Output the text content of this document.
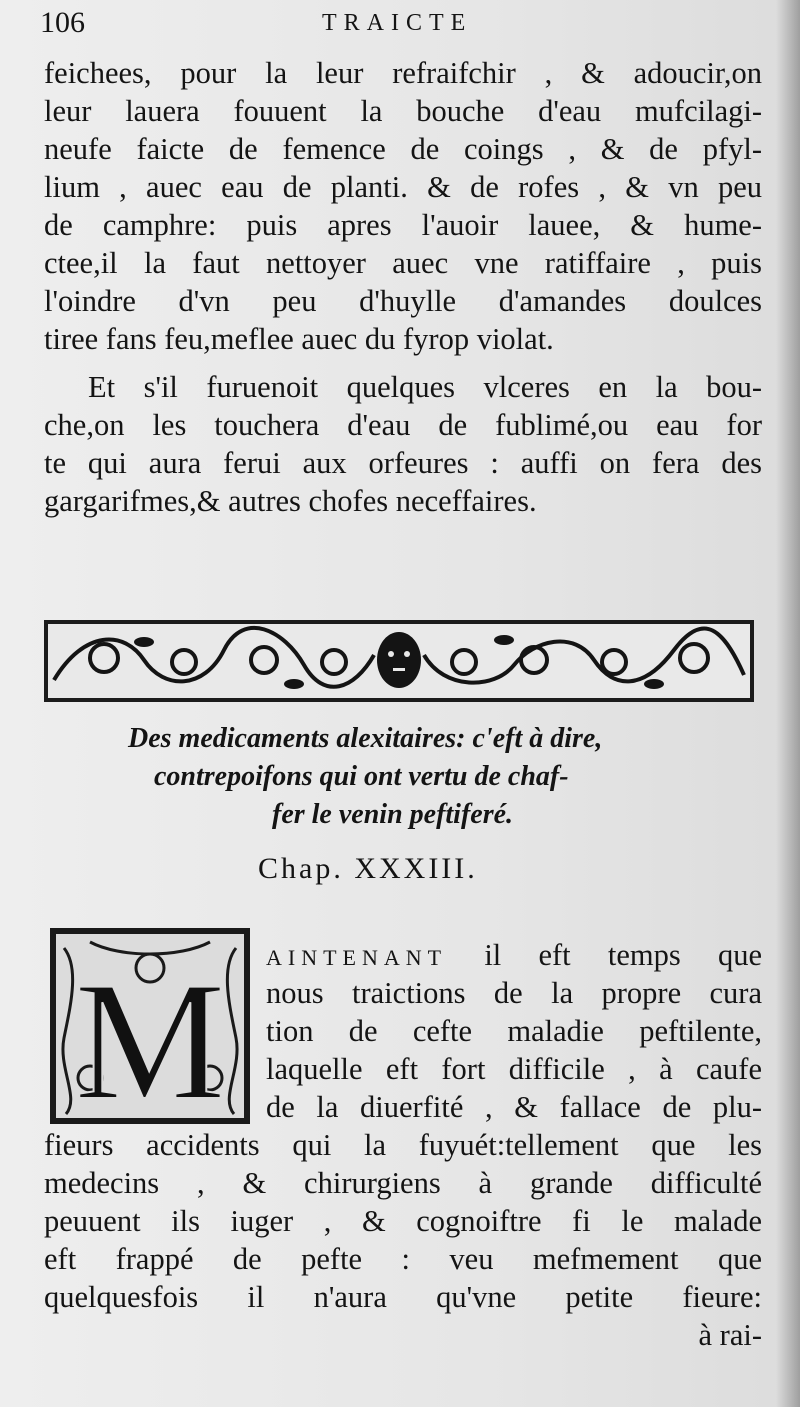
106	TRAICTE
feichees, pour la leur refraifchir , & adoucir,on
leur lauera fouuent la bouche d'eau mufcilagi-
neufe faicte de femence de coings , & de pfyl-
lium , auec eau de planti. & de rofes , & vn peu
de camphre: puis apres l'auoir lauee, & hume-
ctee,il la faut nettoyer auec vne ratiffaire , puis
l'oindre d'vn peu d'huylle d'amandes doulces
tiree fans feu,meflee auec du fyrop violat.
Et s'il furuenoit quelques vlceres en la bou-
che,on les touchera d'eau de fublimé,ou eau for
te qui aura ferui aux orfeures : auffi on fera des
gargarifmes,& autres chofes neceffaires.
Des medicaments alexitaires: c'eft à dire,
contrepoifons qui ont vertu de chaf-
fer le venin peftiferé.
Chap. XXXIII.
M AINTENANT il eft temps que
nous traictions de la propre cura
tion de cefte maladie peftilente,
laquelle eft fort difficile , à caufe
de la diuerfité , & fallace de plu-
fieurs accidents qui la fuyuét:tellement que les
medecins , & chirurgiens à grande difficulté
peuuent ils iuger , & cognoiftre fi le malade
eft frappé de pefte : veu mefmement que
quelquesfois il n'aura qu'vne petite fieure:
à rai-
